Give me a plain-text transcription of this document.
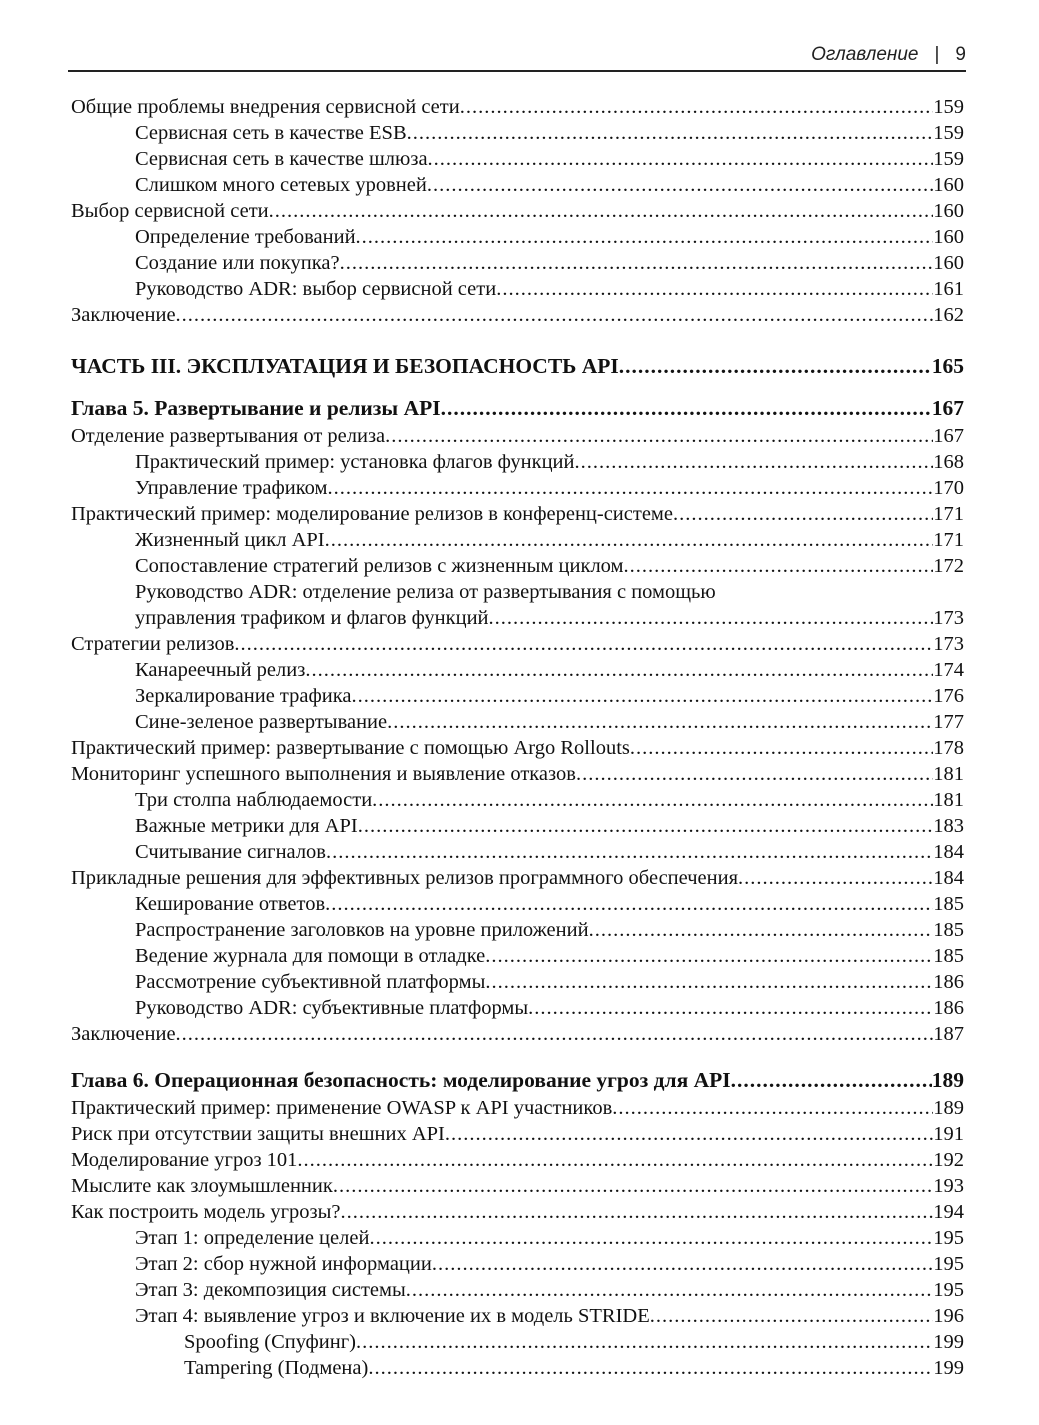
Оглавление | 9
Общие проблемы внедрения сервисной сети .....	159
Сервисная сеть в качестве ESB .....	159
Сервисная сеть в качестве шлюза .....	159
Слишком много сетевых уровней .....	160
Выбор сервисной сети .....	160
Определение требований .....	160
Создание или покупка? .....	160
Руководство ADR: выбор сервисной сети .....	161
Заключение .....	162
ЧАСТЬ III. ЭКСПЛУАТАЦИЯ И БЕЗОПАСНОСТЬ API .....	165
Глава 5. Развертывание и релизы API .....	167
Отделение развертывания от релиза .....	167
Практический пример: установка флагов функций .....	168
Управление трафиком .....	170
Практический пример: моделирование релизов в конференц-системе .....	171
Жизненный цикл API .....	171
Сопоставление стратегий релизов с жизненным циклом .....	172
Руководство ADR: отделение релиза от развертывания с помощью
управления трафиком и флагов функций .....	173
Стратегии релизов .....	173
Канареечный релиз .....	174
Зеркалирование трафика .....	176
Сине-зеленое развертывание .....	177
Практический пример: развертывание с помощью Argo Rollouts .....	178
Мониторинг успешного выполнения и выявление отказов .....	181
Три столпа наблюдаемости .....	181
Важные метрики для API .....	183
Считывание сигналов .....	184
Прикладные решения для эффективных релизов программного обеспечения .....	184
Кеширование ответов .....	185
Распространение заголовков на уровне приложений .....	185
Ведение журнала для помощи в отладке .....	185
Рассмотрение субъективной платформы .....	186
Руководство ADR: субъективные платформы .....	186
Заключение .....	187
Глава 6. Операционная безопасность: моделирование угроз для API .....	189
Практический пример: применение OWASP к API участников .....	189
Риск при отсутствии защиты внешних API .....	191
Моделирование угроз 101 .....	192
Мыслите как злоумышленник .....	193
Как построить модель угрозы? .....	194
Этап 1: определение целей .....	195
Этап 2: сбор нужной информации .....	195
Этап 3: декомпозиция системы .....	195
Этап 4: выявление угроз и включение их в модель STRIDE .....	196
Spoofing (Спуфинг) .....	199
Tampering (Подмена) .....	199
